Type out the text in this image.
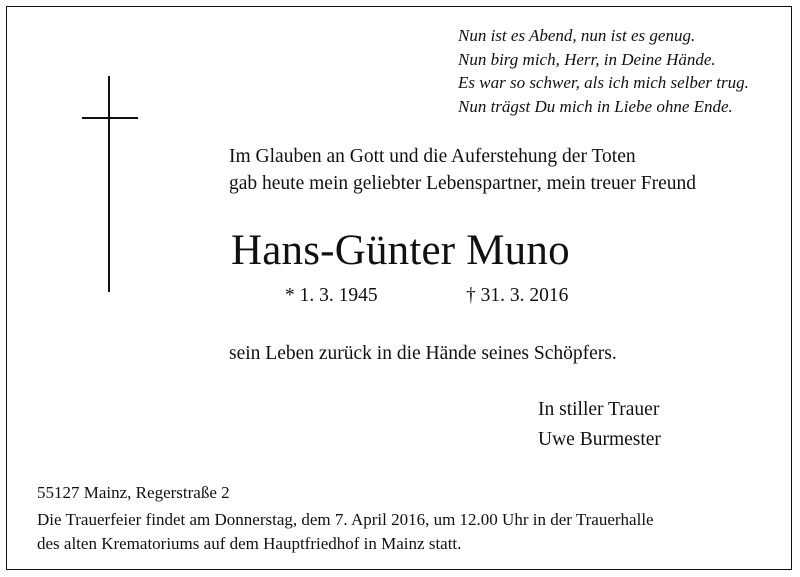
Nun ist es Abend, nun ist es genug.
Nun birg mich, Herr, in Deine Hände.
Es war so schwer, als ich mich selber trug.
Nun trägst Du mich in Liebe ohne Ende.
Im Glauben an Gott und die Auferstehung der Toten
gab heute mein geliebter Lebenspartner, mein treuer Freund
Hans-Günter Muno
* 1. 3. 1945	† 31. 3. 2016
sein Leben zurück in die Hände seines Schöpfers.
In stiller Trauer
Uwe Burmester
55127 Mainz, Regerstraße 2
Die Trauerfeier findet am Donnerstag, dem 7. April 2016, um 12.00 Uhr in der Trauerhalle
des alten Krematoriums auf dem Hauptfriedhof in Mainz statt.
